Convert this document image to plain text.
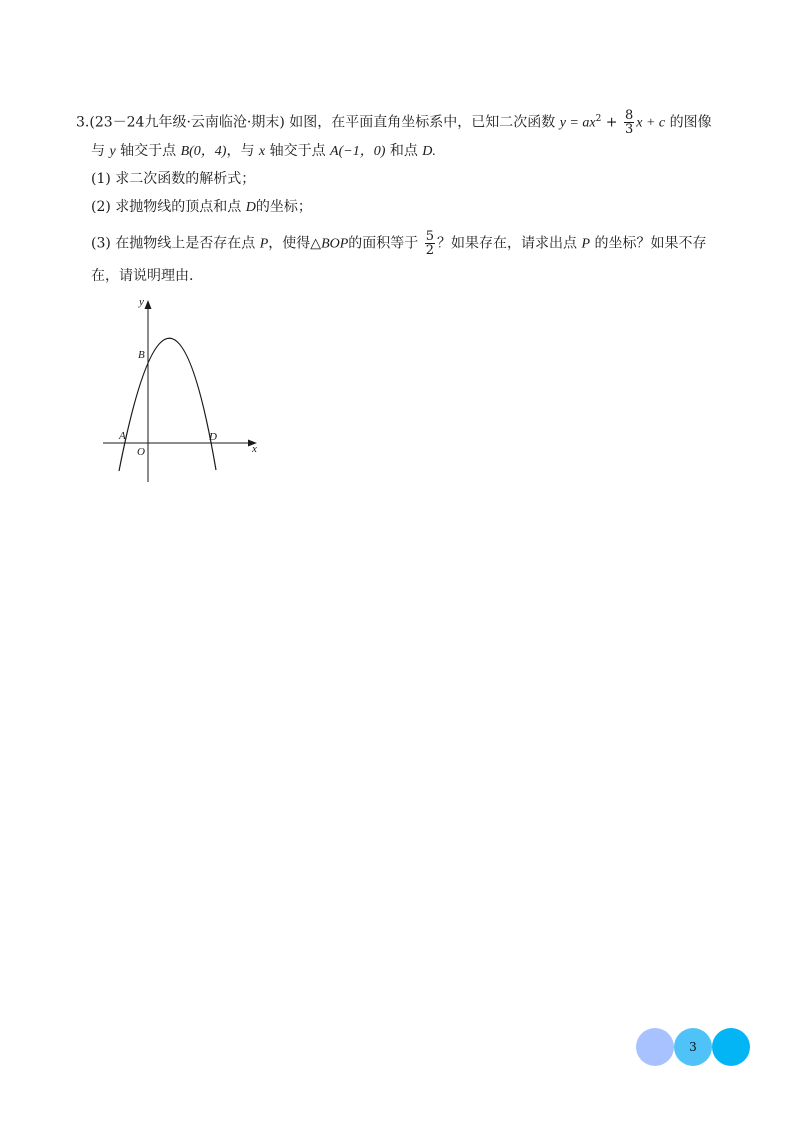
3.(23－24九年级·云南临沧·期末) 如图，在平面直角坐标系中，已知二次函数 $y = ax^2 + \frac{8}{3}$ x + c 的图像
与 y 轴交于点 B(0，4)，与 x 轴交于点 A(−1，0) 和点 D.
(1) 求二次函数的解析式；
(2) 求抛物线的顶点和点 D的坐标；
(3) 在抛物线上是否存在点 P，使得△BOP的面积等于 $\frac{5}{2}$ ？如果存在，请求出点 P 的坐标？如果不存
在，请说明理由.
y
x
B
A
O
D
3
